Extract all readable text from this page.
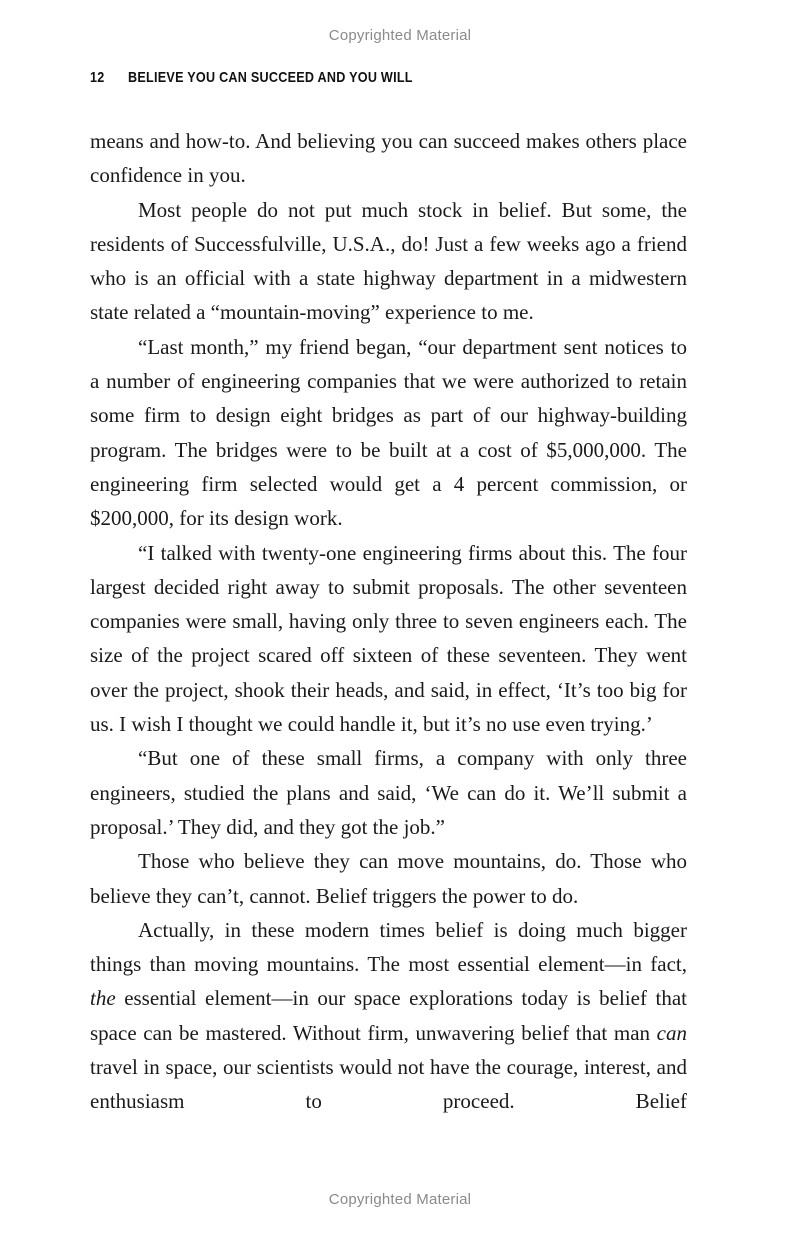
Copyrighted Material
12 BELIEVE YOU CAN SUCCEED AND YOU WILL

means and how-to. And believing you can succeed makes others place confidence in you.

Most people do not put much stock in belief. But some, the residents of Successfulville, U.S.A., do! Just a few weeks ago a friend who is an official with a state highway department in a midwestern state related a “mountain-moving” experience to me.

“Last month,” my friend began, “our department sent notices to a number of engineering companies that we were authorized to retain some firm to design eight bridges as part of our highway-building program. The bridges were to be built at a cost of $5,000,000. The engineering firm selected would get a 4 percent commission, or $200,000, for its design work.

“I talked with twenty-one engineering firms about this. The four largest decided right away to submit proposals. The other seventeen companies were small, having only three to seven engineers each. The size of the project scared off sixteen of these seventeen. They went over the project, shook their heads, and said, in effect, ‘It’s too big for us. I wish I thought we could handle it, but it’s no use even trying.’

“But one of these small firms, a company with only three engineers, studied the plans and said, ‘We can do it. We’ll submit a proposal.’ They did, and they got the job.”

Those who believe they can move mountains, do. Those who believe they can’t, cannot. Belief triggers the power to do.

Actually, in these modern times belief is doing much bigger things than moving mountains. The most essential element—in fact, the essential element—in our space explorations today is belief that space can be mastered. Without firm, unwavering belief that man can travel in space, our scientists would not have the courage, interest, and enthusiasm to proceed. Belief

Copyrighted Material
